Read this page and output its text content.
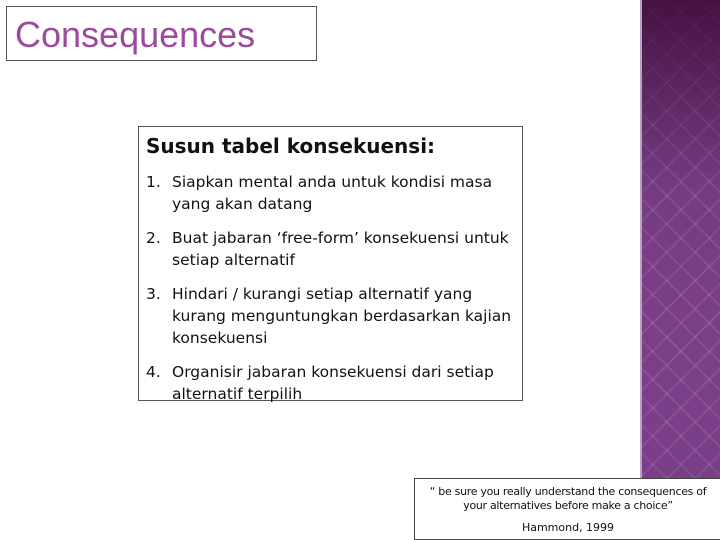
Consequences
Susun tabel konsekuensi:
1. Siapkan mental anda untuk kondisi masa yang akan datang
2. Buat jabaran ‘free-form’ konsekuensi untuk setiap alternatif
3. Hindari / kurangi setiap alternatif yang kurang menguntungkan berdasarkan kajian konsekuensi
4. Organisir jabaran konsekuensi dari setiap alternatif terpilih

“ be sure you really understand the consequences of your alternatives before make a choice”

Hammond, 1999
